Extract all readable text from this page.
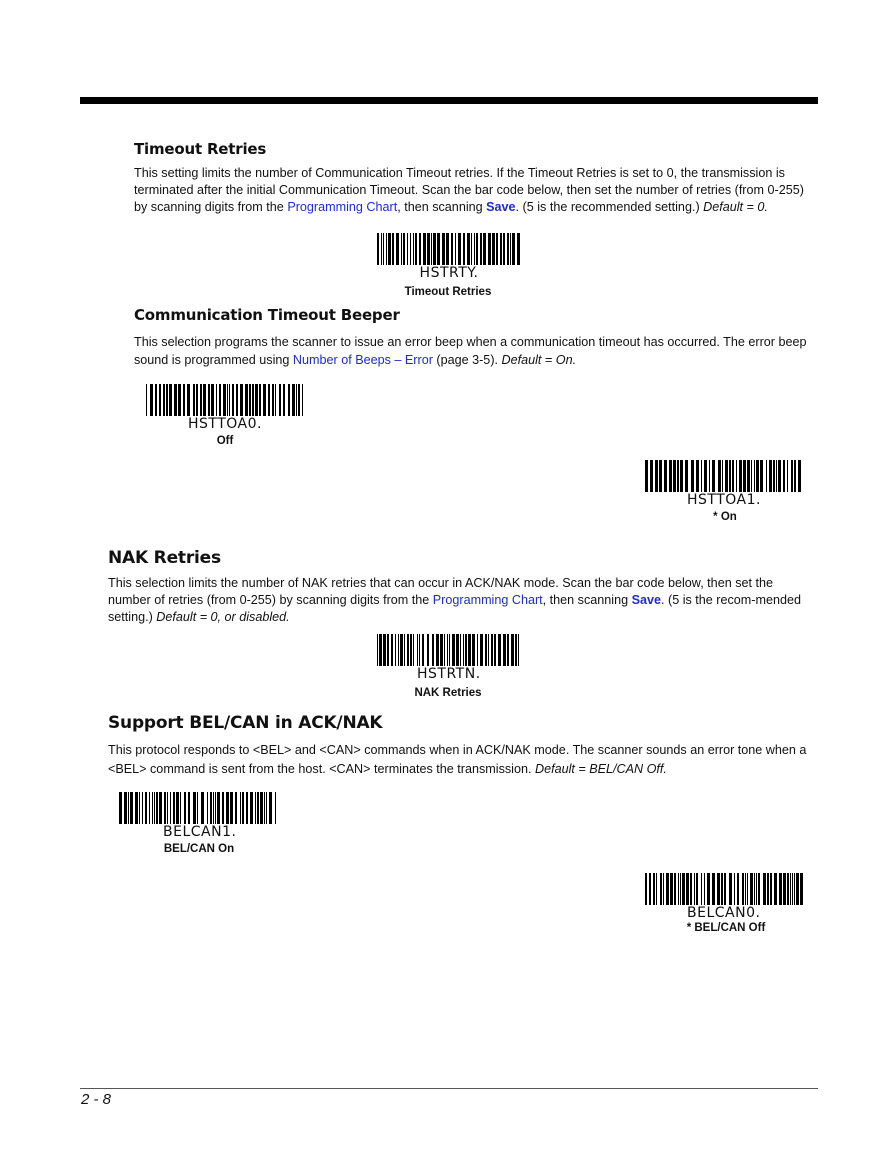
Timeout Retries
This setting limits the number of Communication Timeout retries. If the Timeout Retries is set to 0, the transmission is terminated after the initial Communication Timeout. Scan the bar code below, then set the number of retries (from 0-255) by scanning digits from the Programming Chart, then scanning Save. (5 is the recommended setting.) Default = 0.
HSTRTY.
Timeout Retries
Communication Timeout Beeper
This selection programs the scanner to issue an error beep when a communication timeout has occurred. The error beep sound is programmed using Number of Beeps – Error (page 3-5). Default = On.
HSTTOA0.
Off
HSTTOA1.
* On
NAK Retries
This selection limits the number of NAK retries that can occur in ACK/NAK mode. Scan the bar code below, then set the number of retries (from 0-255) by scanning digits from the Programming Chart, then scanning Save. (5 is the recom-mended setting.) Default = 0, or disabled.
HSTRTN.
NAK Retries
Support BEL/CAN in ACK/NAK
This protocol responds to <BEL> and <CAN> commands when in ACK/NAK mode. The scanner sounds an error tone when a <BEL> command is sent from the host. <CAN> terminates the transmission. Default = BEL/CAN Off.
BELCAN1.
BEL/CAN On
BELCAN0.
* BEL/CAN Off
2 - 8
